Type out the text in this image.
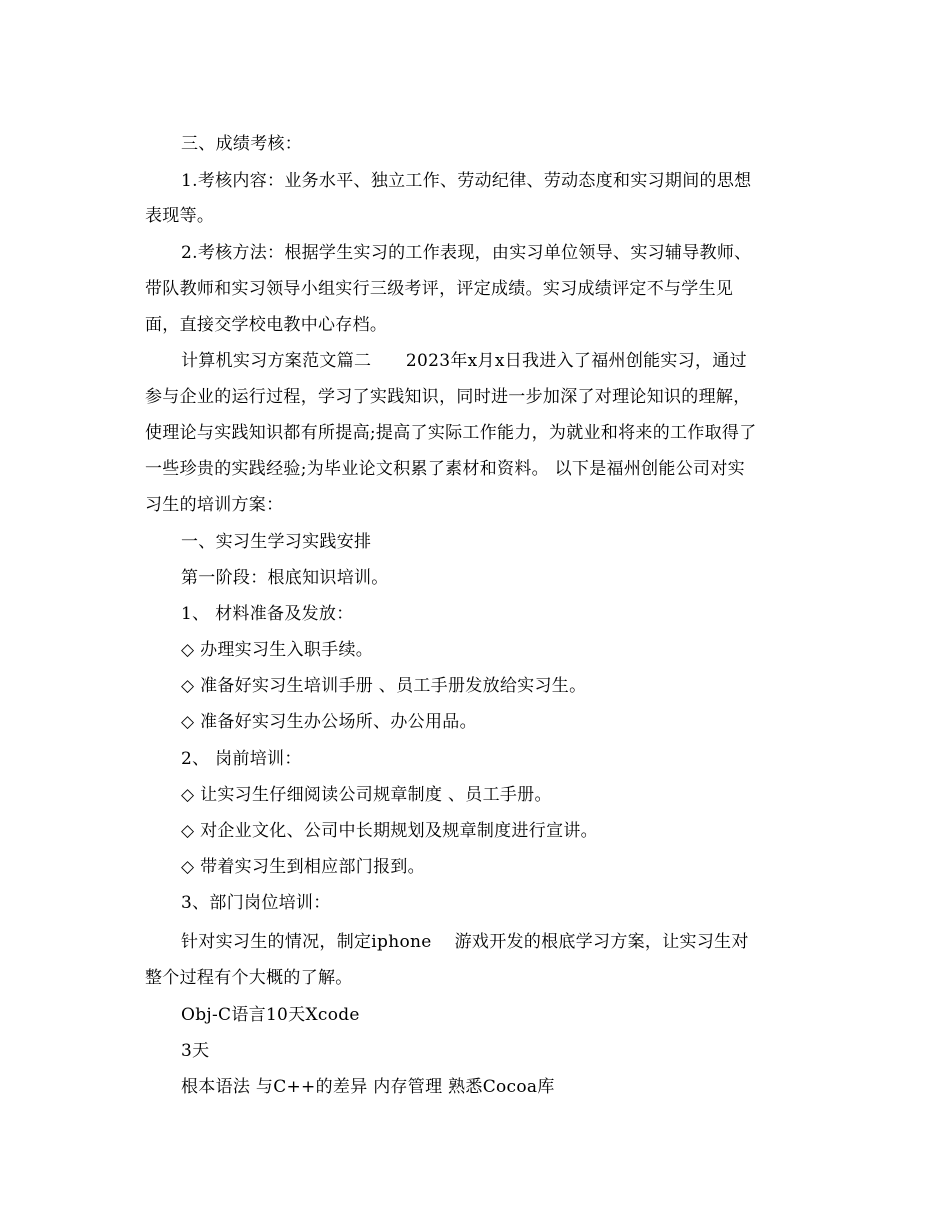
三、成绩考核：
1.考核内容：业务水平、独立工作、劳动纪律、劳动态度和实习期间的思想
表现等。
2.考核方法：根据学生实习的工作表现，由实习单位领导、实习辅导教师、
带队教师和实习领导小组实行三级考评，评定成绩。实习成绩评定不与学生见
面，直接交学校电教中心存档。
计算机实习方案范文篇二　　2023年x月x日我进入了福州创能实习，通过
参与企业的运行过程，学习了实践知识，同时进一步加深了对理论知识的理解，
使理论与实践知识都有所提高;提高了实际工作能力，为就业和将来的工作取得了
一些珍贵的实践经验;为毕业论文积累了素材和资料。 以下是福州创能公司对实
习生的培训方案：
一、实习生学习实践安排
第一阶段：根底知识培训。
1、 材料准备及发放：
◇ 办理实习生入职手续。
◇ 准备好实习生培训手册 、员工手册发放给实习生。
◇ 准备好实习生办公场所、办公用品。
2、 岗前培训：
◇ 让实习生仔细阅读公司规章制度 、员工手册。
◇ 对企业文化、公司中长期规划及规章制度进行宣讲。
◇ 带着实习生到相应部门报到。
3、部门岗位培训：
针对实习生的情况，制定iphone　 游戏开发的根底学习方案，让实习生对
整个过程有个大概的了解。
Obj-C语言10天Xcode
3天
根本语法 与C++的差异 内存管理 熟悉Cocoa库
